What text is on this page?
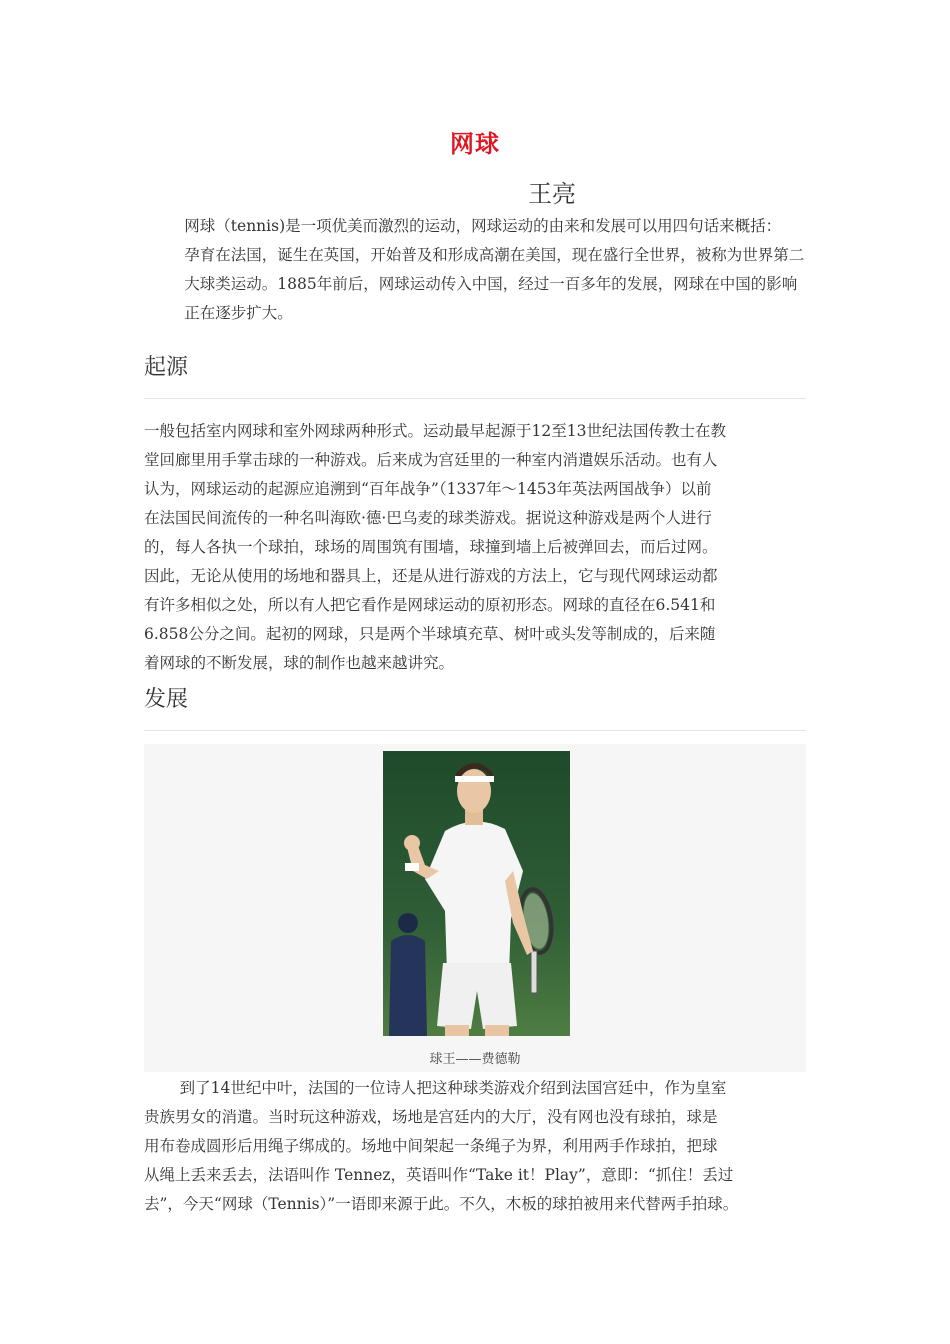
网球
王亮
网球（tennis)是一项优美而激烈的运动，网球运动的由来和发展可以用四句话来概括：
孕育在法国，诞生在英国，开始普及和形成高潮在美国，现在盛行全世界，被称为世界第二
大球类运动。1885年前后，网球运动传入中国，经过一百多年的发展，网球在中国的影响
正在逐步扩大。
起源
一般包括室内网球和室外网球两种形式。运动最早起源于12至13世纪法国传教士在教
堂回廊里用手掌击球的一种游戏。后来成为宫廷里的一种室内消遣娱乐活动。也有人
认为，网球运动的起源应追溯到“百年战争”（1337年～1453年英法两国战争）以前
在法国民间流传的一种名叫海欧·德·巴乌麦的球类游戏。据说这种游戏是两个人进行
的，每人各执一个球拍，球场的周围筑有围墙，球撞到墙上后被弹回去，而后过网。
因此，无论从使用的场地和器具上，还是从进行游戏的方法上，它与现代网球运动都
有许多相似之处，所以有人把它看作是网球运动的原初形态。网球的直径在6.541和
6.858公分之间。起初的网球，只是两个半球填充草、树叶或头发等制成的，后来随
着网球的不断发展，球的制作也越来越讲究。
发展
球王——费德勒
到了14世纪中叶，法国的一位诗人把这种球类游戏介绍到法国宫廷中，作为皇室
贵族男女的消遣。当时玩这种游戏，场地是宫廷内的大厅，没有网也没有球拍，球是
用布卷成圆形后用绳子绑成的。场地中间架起一条绳子为界，利用两手作球拍，把球
从绳上丢来丢去，法语叫作 Tennez，英语叫作“Take it！Play”，意即：“抓住！丢过
去”，今天“网球（Tennis）”一语即来源于此。不久，木板的球拍被用来代替两手拍球。
